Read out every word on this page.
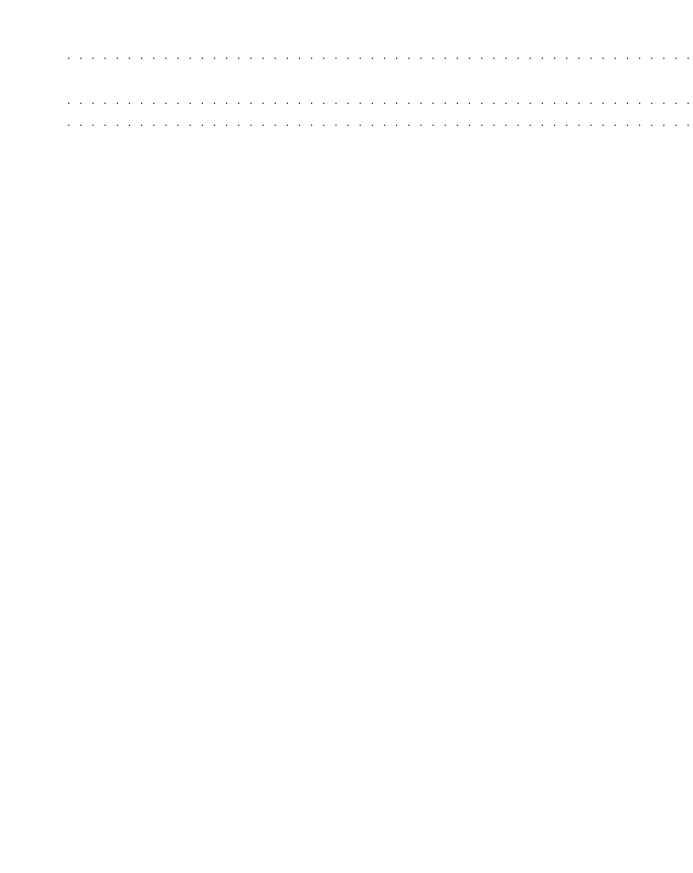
. . . . . . . . . . . . . . . . . . . . . . . . . . . . . . . . . . . . . . . . . . . . . . . . . . . .
. . . . . . . . . . . . . . . . . . . . . . . . . . . . . . . . . . . . . . . . . . . . . . . . . . . .
. . . . . . . . . . . . . . . . . . . . . . . . . . . . . . . . . . . . . . . . . . . . . . . . . . . .
